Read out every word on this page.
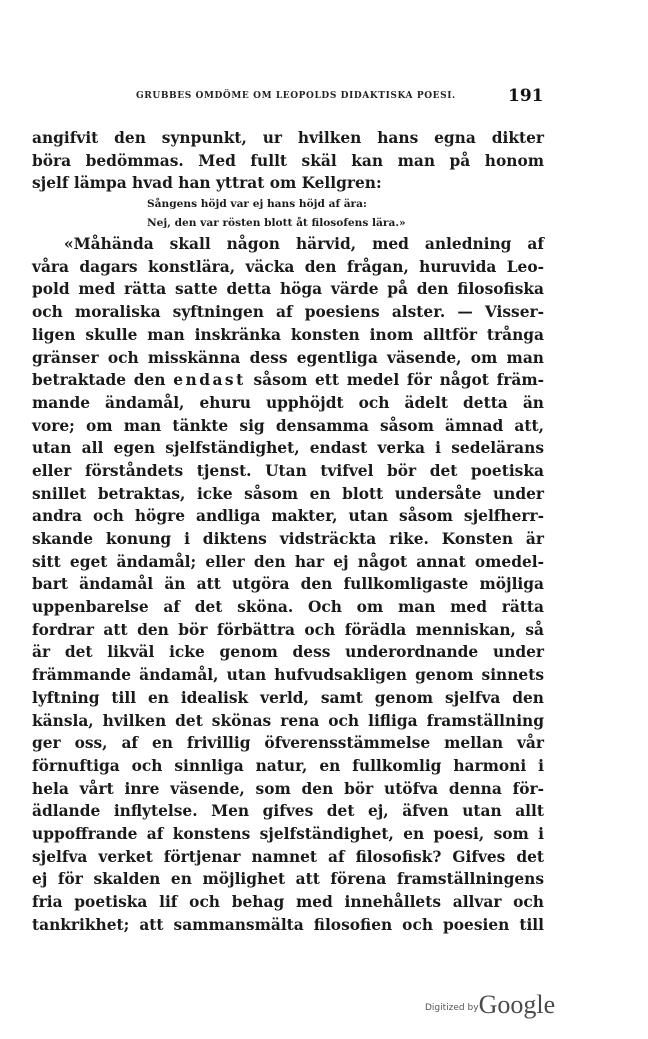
GRUBBES OMDÖME OM LEOPOLDS DIDAKTISKA POESI.	191
angifvit den synpunkt, ur hvilken hans egna dikter
böra bedömmas. Med fullt skäl kan man på honom
sjelf lämpa hvad han yttrat om Kellgren:
Sångens höjd var ej hans höjd af ära:
Nej, den var rösten blott åt filosofens lära.»
«Måhända skall någon härvid, med anledning af
våra dagars konstlära, väcka den frågan, huruvida Leo-
pold med rätta satte detta höga värde på den filosofiska
och moraliska syftningen af poesiens alster. — Visser-
ligen skulle man inskränka konsten inom alltför trånga
gränser och misskänna dess egentliga väsende, om man
betraktade den endast såsom ett medel för något främ-
mande ändamål, ehuru upphöjdt och ädelt detta än
vore; om man tänkte sig densamma såsom ämnad att,
utan all egen sjelfständighet, endast verka i sedelärans
eller förståndets tjenst. Utan tvifvel bör det poetiska
snillet betraktas, icke såsom en blott undersåte under
andra och högre andliga makter, utan såsom sjelfherr-
skande konung i diktens vidsträckta rike. Konsten är
sitt eget ändamål; eller den har ej något annat omedel-
bart ändamål än att utgöra den fullkomligaste möjliga
uppenbarelse af det sköna. Och om man med rätta
fordrar att den bör förbättra och förädla menniskan, så
är det likväl icke genom dess underordnande under
främmande ändamål, utan hufvudsakligen genom sinnets
lyftning till en idealisk verld, samt genom sjelfva den
känsla, hvilken det skönas rena och lifliga framställning
ger oss, af en frivillig öfverensstämmelse mellan vår
förnuftiga och sinnliga natur, en fullkomlig harmoni i
hela vårt inre väsende, som den bör utöfva denna för-
ädlande inflytelse. Men gifves det ej, äfven utan allt
uppoffrande af konstens sjelfständighet, en poesi, som i
sjelfva verket förtjenar namnet af filosofisk? Gifves det
ej för skalden en möjlighet att förena framställningens
fria poetiska lif och behag med innehållets allvar och
tankrikhet; att sammansmälta filosofien och poesien till
Digitized byGoogle
